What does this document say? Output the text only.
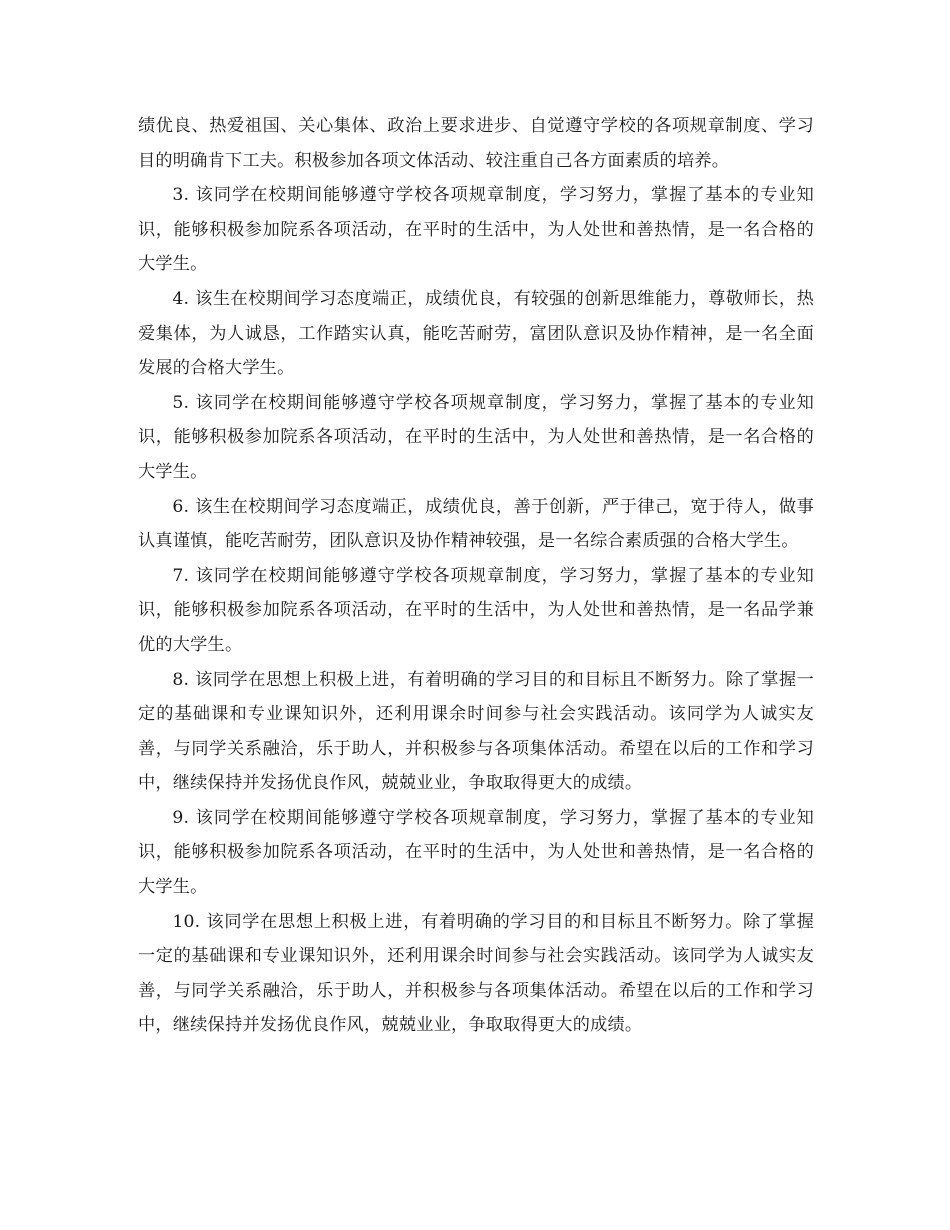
绩优良、热爱祖国、关心集体、政治上要求进步、自觉遵守学校的各项规章制度、学习目的明确肯下工夫。积极参加各项文体活动、较注重自己各方面素质的培养。

3. 该同学在校期间能够遵守学校各项规章制度，学习努力，掌握了基本的专业知识，能够积极参加院系各项活动，在平时的生活中，为人处世和善热情，是一名合格的大学生。

4. 该生在校期间学习态度端正，成绩优良，有较强的创新思维能力，尊敬师长，热爱集体，为人诚恳，工作踏实认真，能吃苦耐劳，富团队意识及协作精神，是一名全面发展的合格大学生。

5. 该同学在校期间能够遵守学校各项规章制度，学习努力，掌握了基本的专业知识，能够积极参加院系各项活动，在平时的生活中，为人处世和善热情，是一名合格的大学生。

6. 该生在校期间学习态度端正，成绩优良，善于创新，严于律己，宽于待人，做事认真谨慎，能吃苦耐劳，团队意识及协作精神较强，是一名综合素质强的合格大学生。

7. 该同学在校期间能够遵守学校各项规章制度，学习努力，掌握了基本的专业知识，能够积极参加院系各项活动，在平时的生活中，为人处世和善热情，是一名品学兼优的大学生。

8. 该同学在思想上积极上进，有着明确的学习目的和目标且不断努力。除了掌握一定的基础课和专业课知识外，还利用课余时间参与社会实践活动。该同学为人诚实友善，与同学关系融洽，乐于助人，并积极参与各项集体活动。希望在以后的工作和学习中，继续保持并发扬优良作风，兢兢业业，争取取得更大的成绩。

9. 该同学在校期间能够遵守学校各项规章制度，学习努力，掌握了基本的专业知识，能够积极参加院系各项活动，在平时的生活中，为人处世和善热情，是一名合格的大学生。

10. 该同学在思想上积极上进，有着明确的学习目的和目标且不断努力。除了掌握一定的基础课和专业课知识外，还利用课余时间参与社会实践活动。该同学为人诚实友善，与同学关系融洽，乐于助人，并积极参与各项集体活动。希望在以后的工作和学习中，继续保持并发扬优良作风，兢兢业业，争取取得更大的成绩。
